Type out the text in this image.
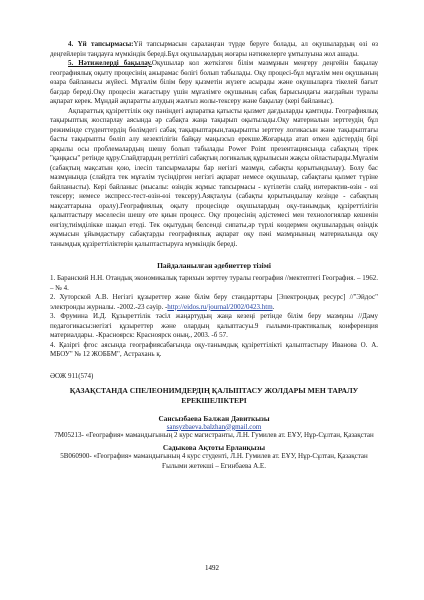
4. Үй тапсырмасы:Үй тапсырмасын саралаңған түрде беруге болады, ал оқушылардың өзі өз деңгейлерін таңдауға мүмкіндік береді.Бұл оқушылардың жоғары нәтижелерге ұмтылуына жол ашады.

5. Нәтижелерді бақылау.Оқушылар кол жеткізген білім мазмұнын меңгеру деңгейін бақылау географиялық оқыту процесінің ажырамас бөлігі болып табылады. Оқу процесі-бұл мұғалім мен оқушының өзара байланысы жүйесі. Мұғалім білім беру қызметін жүзеге асырады және оқушыларға тікелей бағыт бағдар береді.Оқу процесін жағастыру үшін мұғалімге оқушының сабақ барысындағы жағдайын туралы ақпарат керек. Мұндай ақпаратты алудың жалғыз жолы-тексеру және бақылау (кері байланыс).

Ақпараттық құзіреттілік оқу пәніндегі ақпаратка қатысты қызмет дағдыларды қамтиды. Географиялық тақырыптық жоспарлау аясында әр сабақта жаңа тақырып оқытылады.Оқу материалын зерттеудің бұл режимінде студенттердің бөлімдегі сабақ тақырыптарын,тақырыпты зерттеу логикасын және тақырыптағы басты тақырыпты бөліп алу кезектілігін байқау маңызсыз ерекше.Жоғарыда атап өткен әдістердің бірі арқылы осы проблемалардың шешу болып табылады Power Point презентациясында сабақтың тірек "қаңқасы" ретінде құру.Слайдтардың реттілігі сабақтың логикалық құрылысын жақсы ойластырады.Мұғалім (сабақтың мақсатын қою, ілесіп тапсырмалары бар негізгі мазмұн, сабақты қорытындылау). Болу бас мазмұнында (слайдта тек мұғалім түсіндірген негізгі ақпарат немесе оқушылар, сабақтағы қызмет түріне байланысты). Кері байланыс (мысалы: өзіндік жұмыс тапсырмасы - күтілетін слайд интерактив-өзін - өзі тексеру; немесе экспресс-тест-өзін-өзі тексеру).Аяқталуы (сабақты қорытындылау кезінде - сабақтың мақсаттарына оралу).Географиялық оқыту процесінде оқушылардың оқу-танымдық құзіреттілігін қалыптастыру мәселесін шешу өте қиын процесс. Оқу процесінің әдістемесі мен технологиялар кешенін енгізу,тиімділікке шақыл етеді. Тек оқытудың белсенді сипаты,әр түрлі көздермен оқушылардың өзіндік жұмысын ұйымдастыру сабақтарды географиялық ақпарат оқу пәні мазмұнының материалында оқу танымдық құзіреттіліктерін қалыптастыруға мүмкіндік береді.

Пайдаланылған әдебиеттер тізімі

1. Баранский Н.Н. Отандық экономикалық тарихын зерттеу туралы география //мектептегі География. – 1962. – № 4.

2. Хуторской А.В. Негізгі құзыреттер және білім беру стандарттары [Электрондық ресурс] //"Эйдос" электронды журналы. -2002.-23 сәуір. -http://eidos.ru/journal/2002/0423.htm.

3. Фрумина И.Д. Құзыреттілік тәсіл жаңартудың жаңа кезеңі ретінде білім беру мазмұны //Даму педагогикасы:негізгі құзыреттер және олардың қалыптасуы.9 ғылыми-практикалық конференция материалдары. -Красноярск: Красноярск оның., 2003. -б 57.

4. Қазіргі фгос аясында географиясабағында оқу-танымдық құзіреттілікті қалыптастыру Иванова О. А. МБОУ" № 12 ЖОББМ", Астрахань қ.

ӘОЖ 911(574)
ҚАЗАҚСТАНДА СПЕЛЕОНИМДЕРДІҢ ҚАЛЫПТАСУ ЖОЛДАРЫ МЕН ТАРАЛУ ЕРЕКШЕЛІКТЕРІ
Сансызбаева Балжан Дәвиткызы
sansyzbaeva.balzhan@gmail.com
7М05213- «География» мамандығының 2 курс магистранты, Л.Н. Гумилев ат. ЕҰУ, Нұр-Сұлтан, Қазақстан
Садыкова Ақтоты Ерланқызы
5В060900- «География» мамандығының 4 курс студенті, Л.Н. Гумилев ат. ЕҰУ, Нұр-Сұлтан, Қазақстан
Ғылыми жетекші – Егинбаева А.Е.
1492
